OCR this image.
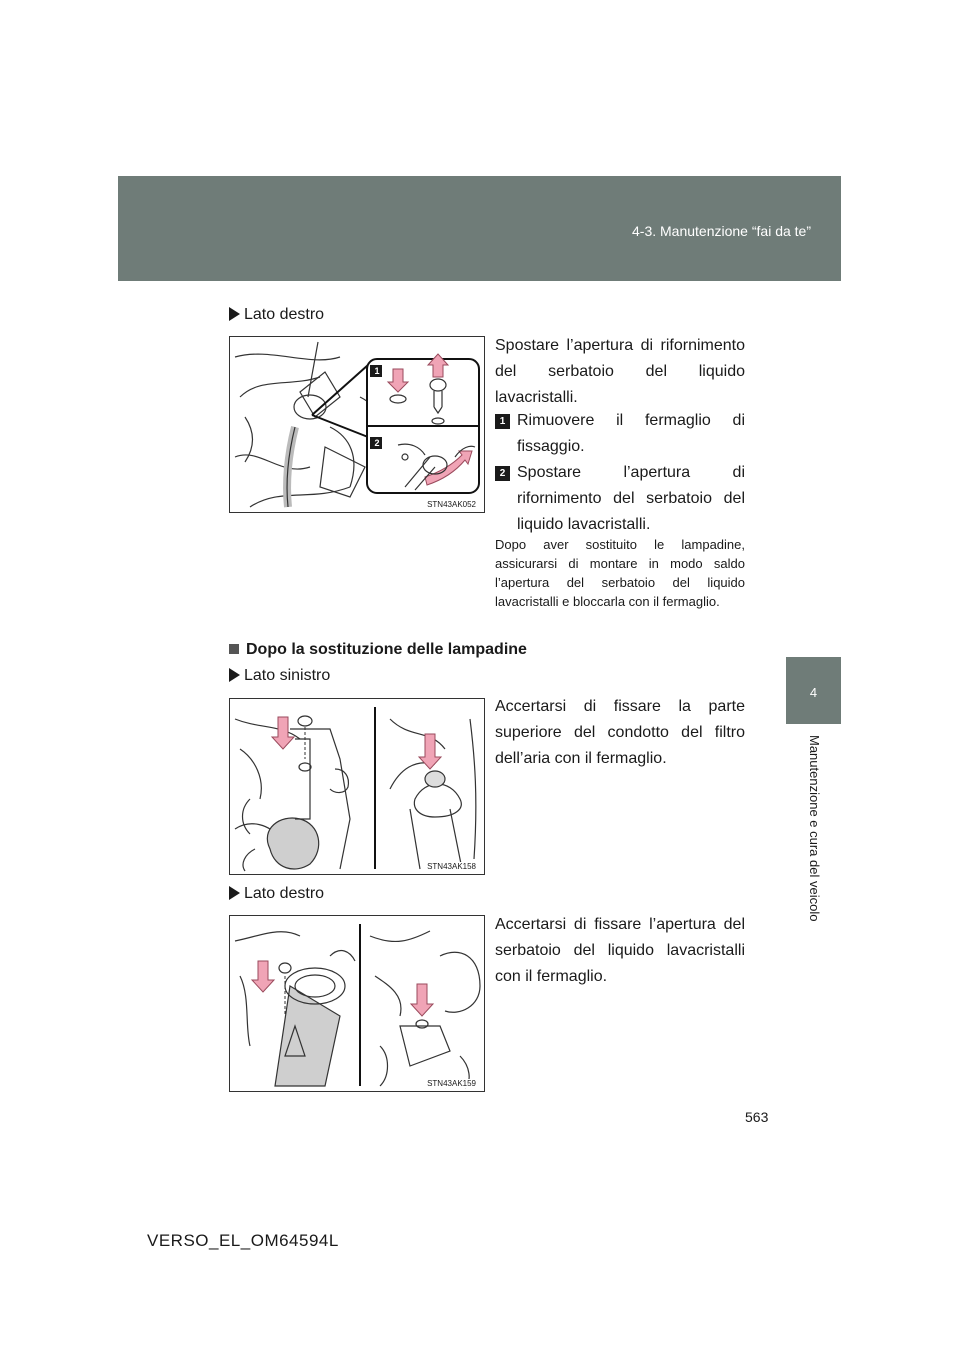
4-3. Manutenzione “fai da te”
4
Manutenzione e cura del veicolo
Lato destro
1
2
STN43AK052
Spostare l’apertura di rifornimento del serbatoio del liquido lavacristalli.
1 Rimuovere il fermaglio di fissaggio.
2 Spostare l’apertura di rifornimento del serbatoio del liquido lavacristalli.
Dopo aver sostituito le lampadine, assicurarsi di montare in modo saldo l’apertura del serbatoio del liquido lavacristalli e bloccarla con il fermaglio.
Dopo la sostituzione delle lampadine
Lato sinistro
STN43AK158
Accertarsi di fissare la parte superiore del condotto del filtro dell’aria con il fermaglio.
Lato destro
STN43AK159
Accertarsi di fissare l’apertura del serbatoio del liquido lavacristalli con il fermaglio.
563
VERSO_EL_OM64594L
